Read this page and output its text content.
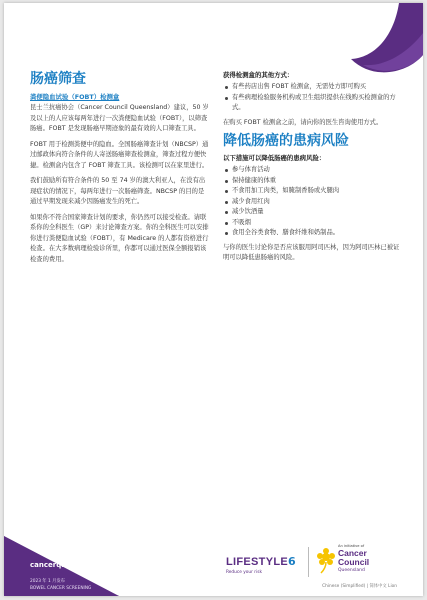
肠癌筛查
粪便隐血试验（FOBT）检测盒

昆士兰抗癌协会（Cancer Council Queensland）建议，50 岁及以上的人应该每两年进行一次粪便隐血试验（FOBT），以筛查肠癌。FOBT 是发现肠癌早期迹象的最有效的人口筛查工具。

FOBT 用于检测粪便中的隐血。全国肠癌筛查计划（NBCSP）通过邮政体向符合条件的人寄送肠癌筛查检测盒，筛查过程方便快捷。检测盒内包含了 FOBT 筛查工具。该检测可以在家里进行。

我们鼓励所有符合条件的 50 至 74 岁的澳大利亚人，在没有出现症状的情况下，每两年进行一次肠癌筛查。NBCSP 的目的是通过早期发现来减少因肠癌发生的死亡。

如果你不符合国家筛查计划的要求，你仍然可以接受检查。请联系你的全科医生（GP）来讨论筛查方案。你的全科医生可以安排你进行粪便隐血试验（FOBT），有 Medicare 的人都有资格进行检查。在大多数病理检验诊所里，你都可以通过医保全额报销该检查的费用。

获得检测盒的其他方式：
有些药店出售 FOBT 检测盒，无需处方即可购买
有些病理检验服务机构或卫生组织提供在线购买检测盒的方式。

在购买 FOBT 检测盒之前，请向你的医生咨询使用方式。

降低肠癌的患病风险
以下措施可以降低肠癌的患病风险：
参与体育活动
保持健康的体重
不食用加工肉类，如腌制香肠或火腿肉
减少食用红肉
减少饮酒量
不吸烟
食用全谷类食物、膳食纤维和奶制品。

与你的医生讨论你是否应该服用阿司匹林，因为阿司匹林已被证明可以降低患肠癌的风险。

cancerqld.org.au/lifestyle6
2023 年 1 月发布
BOWEL CANCER SCREENING
LIFESTYLE6
Reduce your risk
An initiative of
Cancer
Council
Queensland
Chinese (Simplified) | 简体中文 Lion
